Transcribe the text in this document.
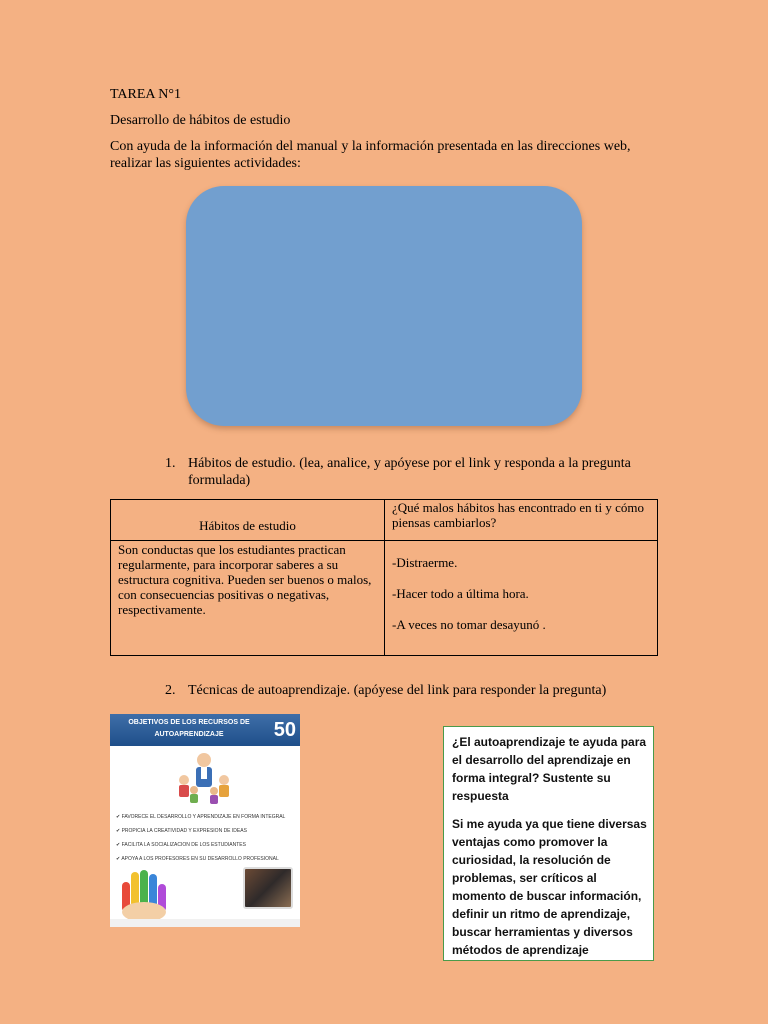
TAREA N°1
Desarrollo de hábitos de estudio
Con ayuda de la información del manual y la información presentada en las direcciones web, realizar las siguientes actividades:
1. Hábitos de estudio. (lea, analice, y apóyese por el link y responda a la pregunta formulada)
Hábitos de estudio	¿Qué malos hábitos has encontrado en ti y cómo piensas cambiarlos?
Son conductas que los estudiantes practican regularmente, para incorporar saberes a su estructura cognitiva. Pueden ser buenos o malos, con consecuencias positivas o negativas, respectivamente.	-Distraerme.

-Hacer todo a última hora.

-A veces no tomar desayunó .

2. Técnicas de autoaprendizaje. (apóyese del link para responder la pregunta)
OBJETIVOS DE LOS RECURSOS DE AUTOAPRENDIZAJE	50
✔ FAVORECE EL DESARROLLO Y APRENDIZAJE EN FORMA INTEGRAL
✔ PROPICIA LA CREATIVIDAD Y EXPRESION DE IDEAS
✔ FACILITA LA SOCIALIZACION DE LOS ESTUDIANTES
✔ APOYA A LOS PROFESORES EN SU DESARROLLO PROFESIONAL
¿El autoaprendizaje te ayuda para el desarrollo del aprendizaje en forma integral? Sustente su respuesta
Si me ayuda ya que tiene diversas ventajas como promover la curiosidad, la resolución de problemas, ser críticos al momento de buscar información, definir un ritmo de aprendizaje, buscar herramientas y diversos métodos de aprendizaje
